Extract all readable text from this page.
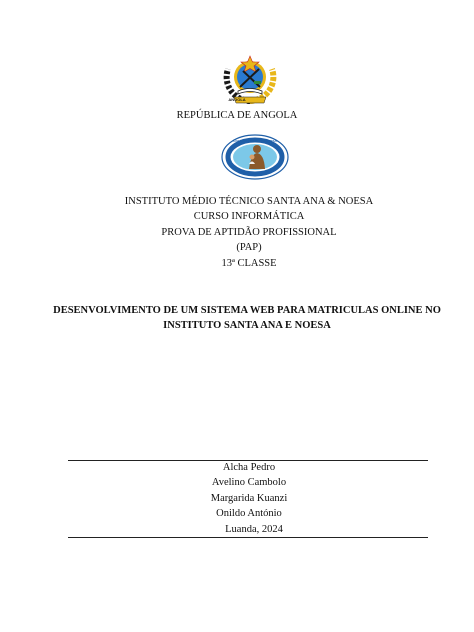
ANGOLA
REPÚBLICA DE ANGOLA
COLÉGIO SANTA ANA NOESA
INSTITUTO MÉDIO TÉCNICO SANTA ANA & NOESA
CURSO INFORMÁTICA
PROVA DE APTIDÃO PROFISSIONAL
(PAP)
13ª CLASSE
DESENVOLVIMENTO DE UM SISTEMA WEB PARA MATRICULAS ONLINE NO
INSTITUTO SANTA ANA E NOESA
Alcha Pedro
Avelino Cambolo
Margarida Kuanzi
Onildo António
Luanda, 2024
